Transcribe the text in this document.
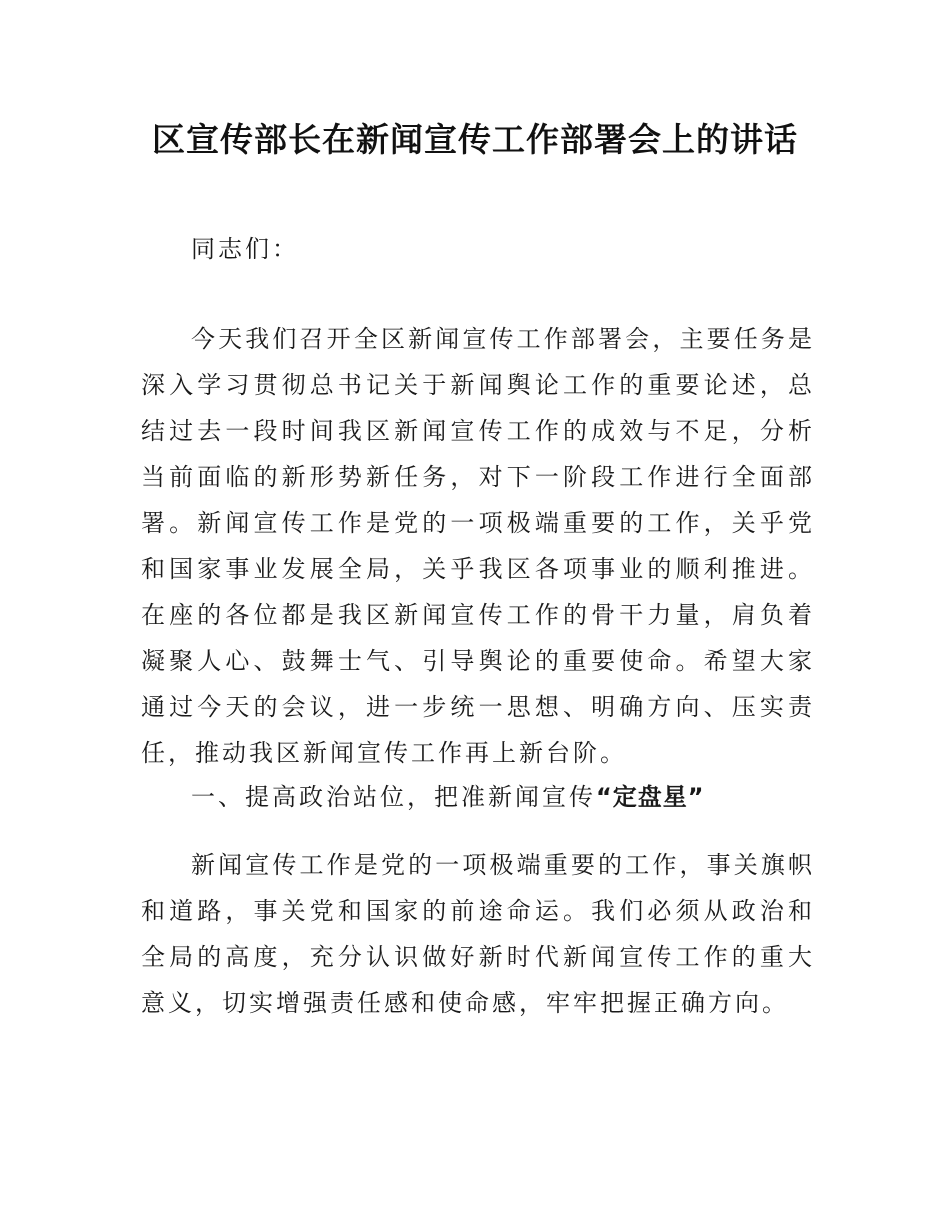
区宣传部长在新闻宣传工作部署会上的讲话

同志们：

今天我们召开全区新闻宣传工作部署会，主要任务是深入学习贯彻总书记关于新闻舆论工作的重要论述，总结过去一段时间我区新闻宣传工作的成效与不足，分析当前面临的新形势新任务，对下一阶段工作进行全面部署。新闻宣传工作是党的一项极端重要的工作，关乎党和国家事业发展全局，关乎我区各项事业的顺利推进。在座的各位都是我区新闻宣传工作的骨干力量，肩负着凝聚人心、鼓舞士气、引导舆论的重要使命。希望大家通过今天的会议，进一步统一思想、明确方向、压实责任，推动我区新闻宣传工作再上新台阶。

一、提高政治站位，把准新闻宣传“定盘星”

新闻宣传工作是党的一项极端重要的工作，事关旗帜和道路，事关党和国家的前途命运。我们必须从政治和全局的高度，充分认识做好新时代新闻宣传工作的重大意义，切实增强责任感和使命感，牢牢把握正确方向。
